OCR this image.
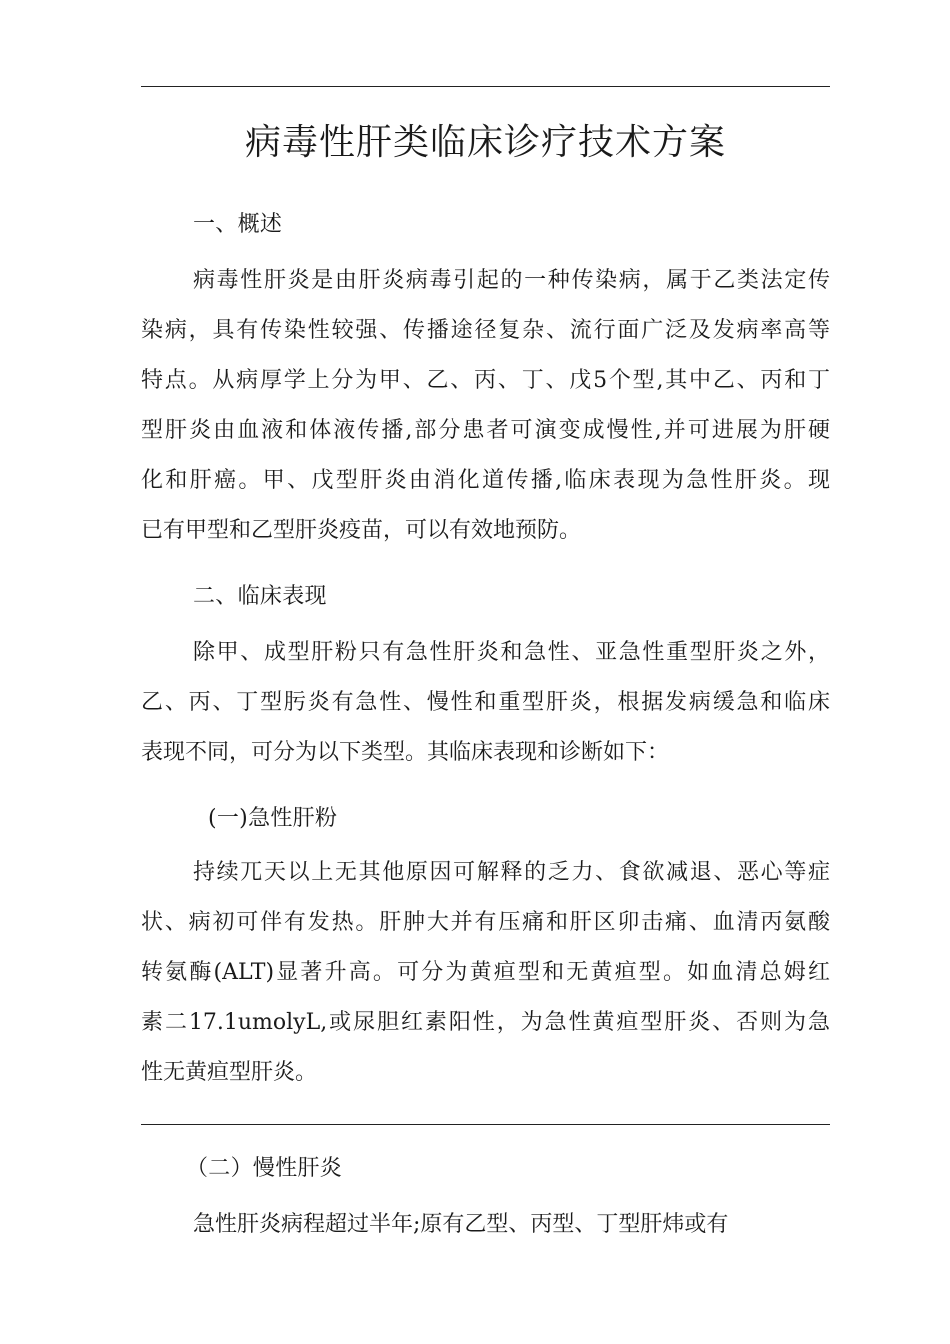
病毒性肝类临床诊疗技术方案
一、概述
病毒性肝炎是由肝炎病毒引起的一种传染病，属于乙类法定传
染病，具有传染性较强、传播途径复杂、流行面广泛及发病率高等
特点。从病厚学上分为甲、乙、丙、丁、戊5个型,其中乙、丙和丁
型肝炎由血液和体液传播,部分患者可演变成慢性,并可进展为肝硬
化和肝癌。甲、戊型肝炎由消化道传播,临床表现为急性肝炎。现
已有甲型和乙型肝炎疫苗，可以有效地预防。
二、临床表现
除甲、成型肝粉只有急性肝炎和急性、亚急性重型肝炎之外，
乙、丙、丁型肟炎有急性、慢性和重型肝炎，根据发病缓急和临床
表现不同，可分为以下类型。其临床表现和诊断如下：
(一)急性肝粉
持续兀天以上无其他原因可解释的乏力、食欲减退、恶心等症
状、病初可伴有发热。肝肿大并有压痛和肝区卯击痛、血清丙氨酸
转氨酶(ALT)显著升高。可分为黄疸型和无黄疸型。如血清总姆红
素二17.1umolyL,或尿胆红素阳性，为急性黄疸型肝炎、否则为急
性无黄疸型肝炎。
（二）慢性肝炎
急性肝炎病程超过半年;原有乙型、丙型、丁型肝炜或有
